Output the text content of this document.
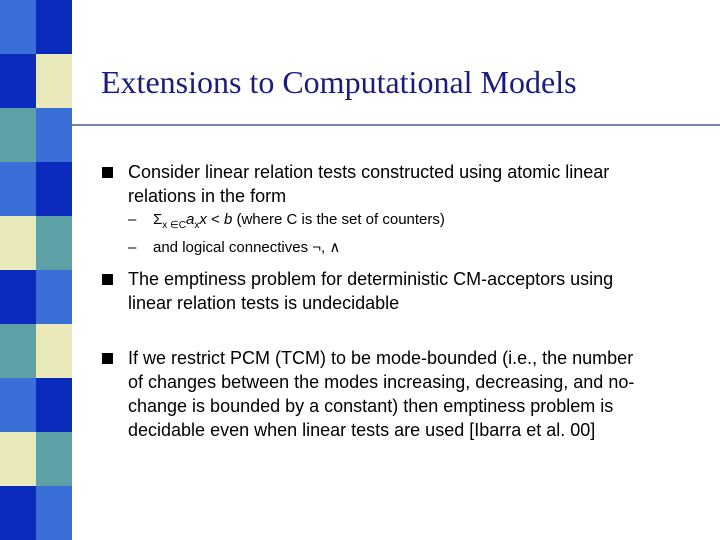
Extensions to Computational Models
Consider linear relation tests constructed using atomic linear
relations in the form
– $\Sigma_{x \in C}a_xx < b$ (where C is the set of counters)
– and logical connectives ¬, ∧
The emptiness problem for deterministic CM-acceptors using
linear relation tests is undecidable
If we restrict PCM (TCM) to be mode-bounded (i.e., the number
of changes between the modes increasing, decreasing, and no-
change is bounded by a constant) then emptiness problem is
decidable even when linear tests are used [Ibarra et al. 00]
